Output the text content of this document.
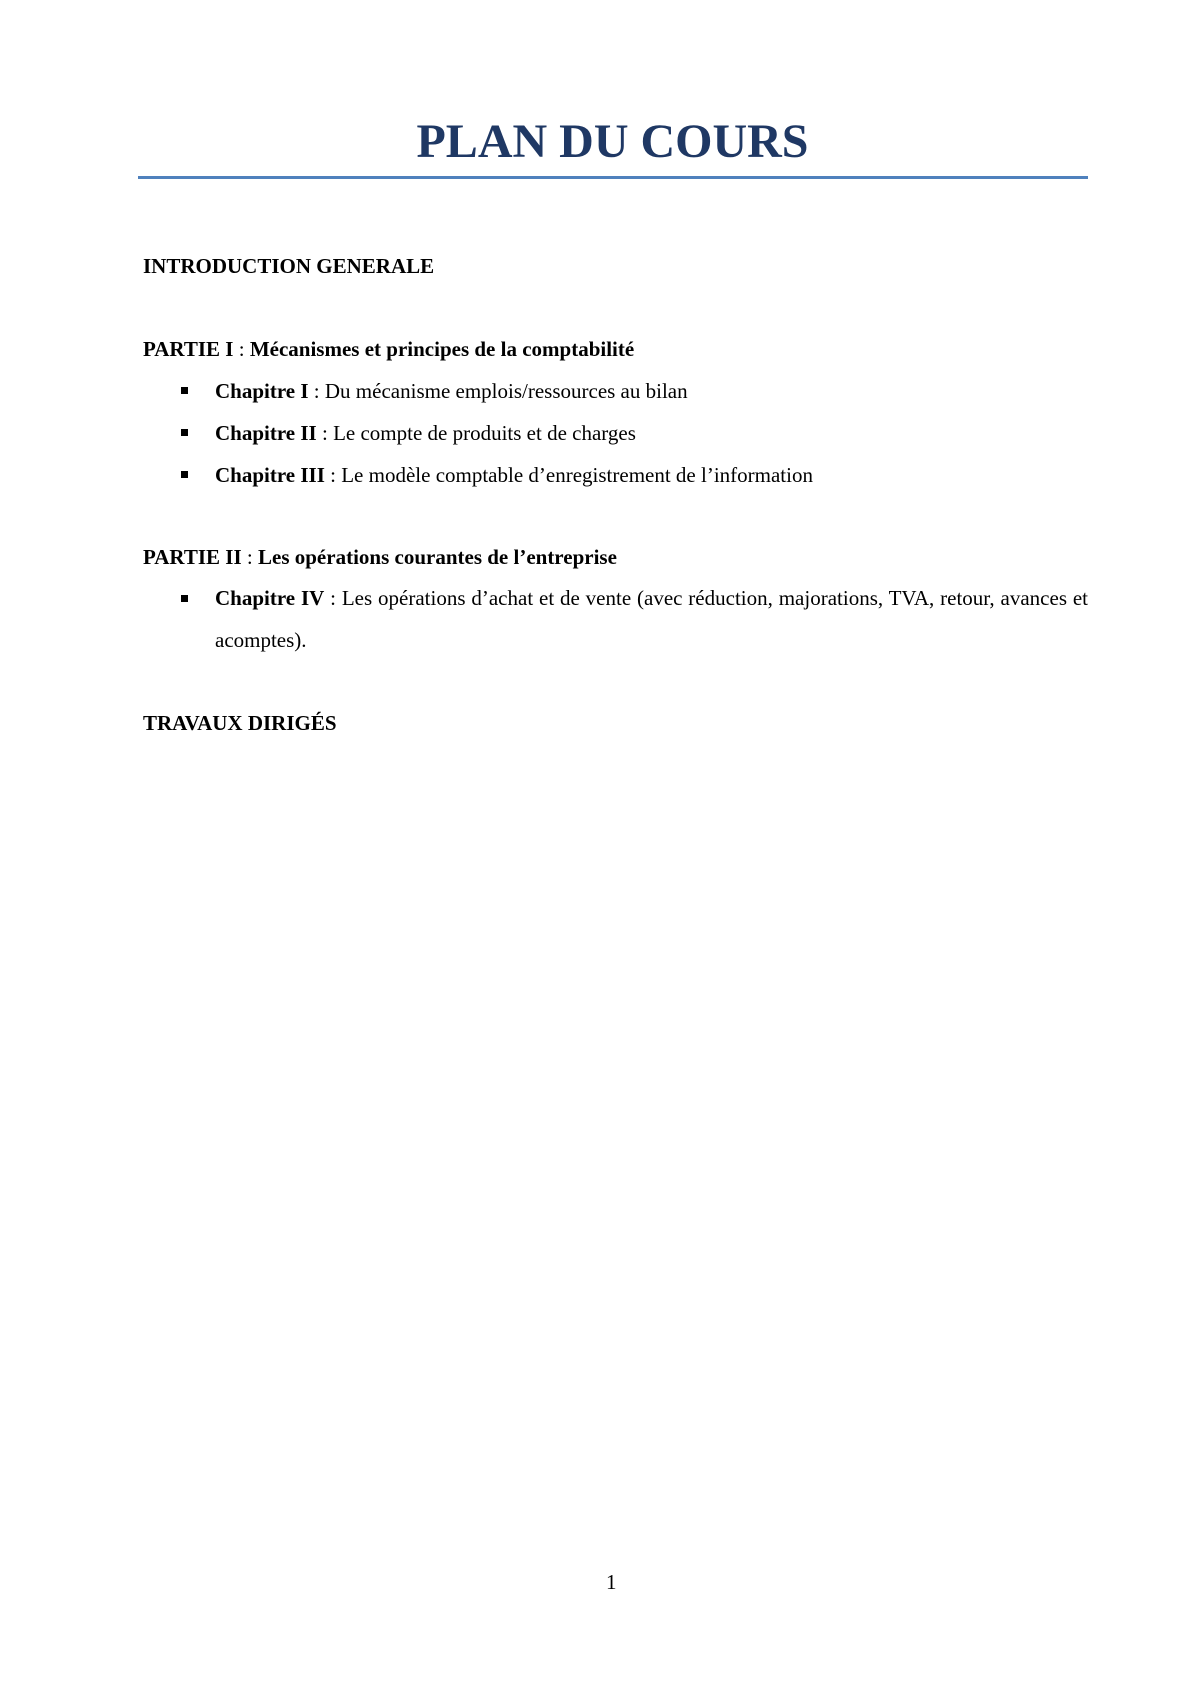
PLAN DU COURS
INTRODUCTION GENERALE
PARTIE I : Mécanismes et principes de la comptabilité
Chapitre I : Du mécanisme emplois/ressources au bilan
Chapitre II : Le compte de produits et de charges
Chapitre III : Le modèle comptable d’enregistrement de l’information
PARTIE II : Les opérations courantes de l’entreprise
Chapitre IV : Les opérations d’achat et de vente (avec réduction, majorations, TVA, retour, avances et acomptes).
TRAVAUX DIRIGÉS
1
